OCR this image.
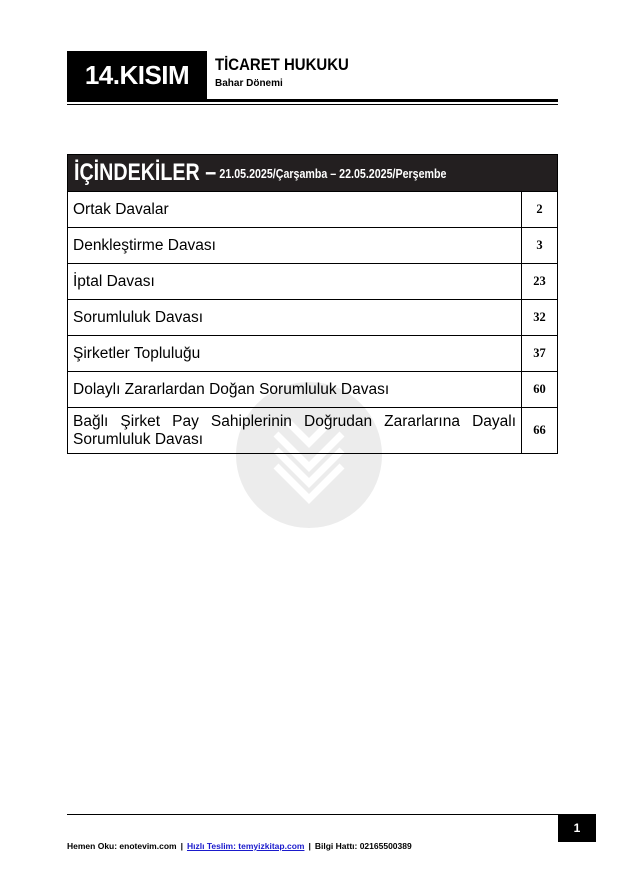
14.KISIM TİCARET HUKUKU
Bahar Dönemi
İÇİNDEKİLER – 21.05.2025/Çarşamba – 22.05.2025/Perşembe	
Ortak Davalar	2
Denkleştirme Davası	3
İptal Davası	23
Sorumluluk Davası	32
Şirketler Topluluğu	37
Dolaylı Zararlardan Doğan Sorumluluk Davası	60
Bağlı Şirket Pay Sahiplerinin Doğrudan Zararlarına Dayalı Sorumluluk Davası	66
1
Hemen Oku: enotevim.com | Hızlı Teslim: temyizkitap.com | Bilgi Hattı: 02165500389
